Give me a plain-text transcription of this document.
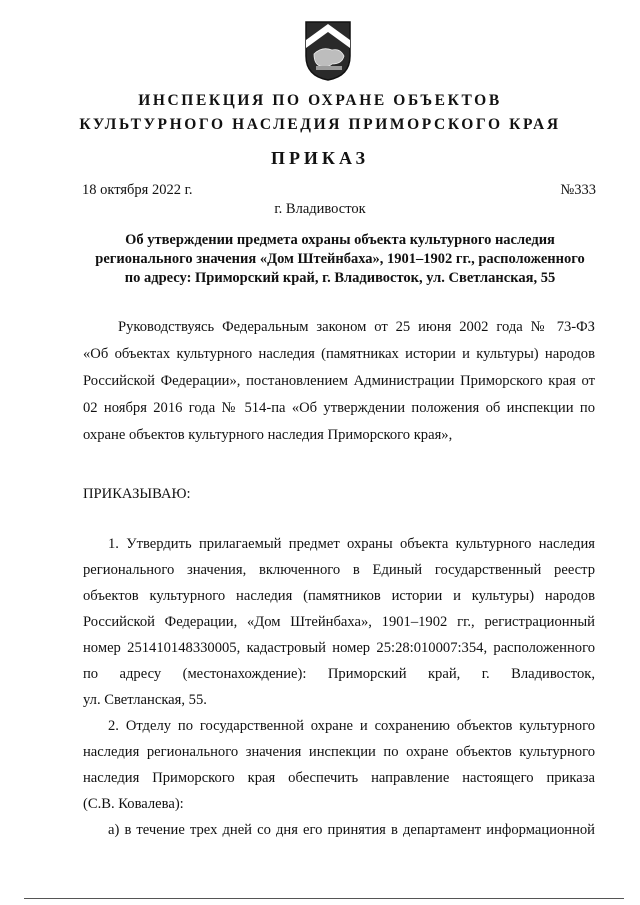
ИНСПЕКЦИЯ ПО ОХРАНЕ ОБЪЕКТОВ
КУЛЬТУРНОГО НАСЛЕДИЯ ПРИМОРСКОГО КРАЯ
ПРИКАЗ
18 октября 2022 г.	№333
г. Владивосток
Об утверждении предмета охраны объекта культурного наследия
регионального значения «Дом Штейнбаха», 1901–1902 гг., расположенного
по адресу: Приморский край, г. Владивосток, ул. Светланская, 55
Руководствуясь Федеральным законом от 25 июня 2002 года № 73-ФЗ
«Об объектах культурного наследия (памятниках истории и культуры) народов
Российской Федерации», постановлением Администрации Приморского края от
02 ноября 2016 года № 514-па «Об утверждении положения об инспекции по
охране объектов культурного наследия Приморского края»,
ПРИКАЗЫВАЮ:
1. Утвердить прилагаемый предмет охраны объекта культурного наследия
регионального значения, включенного в Единый государственный реестр
объектов культурного наследия (памятников истории и культуры) народов
Российской Федерации, «Дом Штейнбаха», 1901–1902 гг., регистрационный
номер 251410148330005, кадастровый номер 25:28:010007:354, расположенного
по адресу (местонахождение): Приморский край, г. Владивосток,
ул. Светланская, 55.
2. Отделу по государственной охране и сохранению объектов культурного
наследия регионального значения инспекции по охране объектов культурного
наследия Приморского края обеспечить направление настоящего приказа
(С.В. Ковалева):
а) в течение трех дней со дня его принятия в департамент информационной
